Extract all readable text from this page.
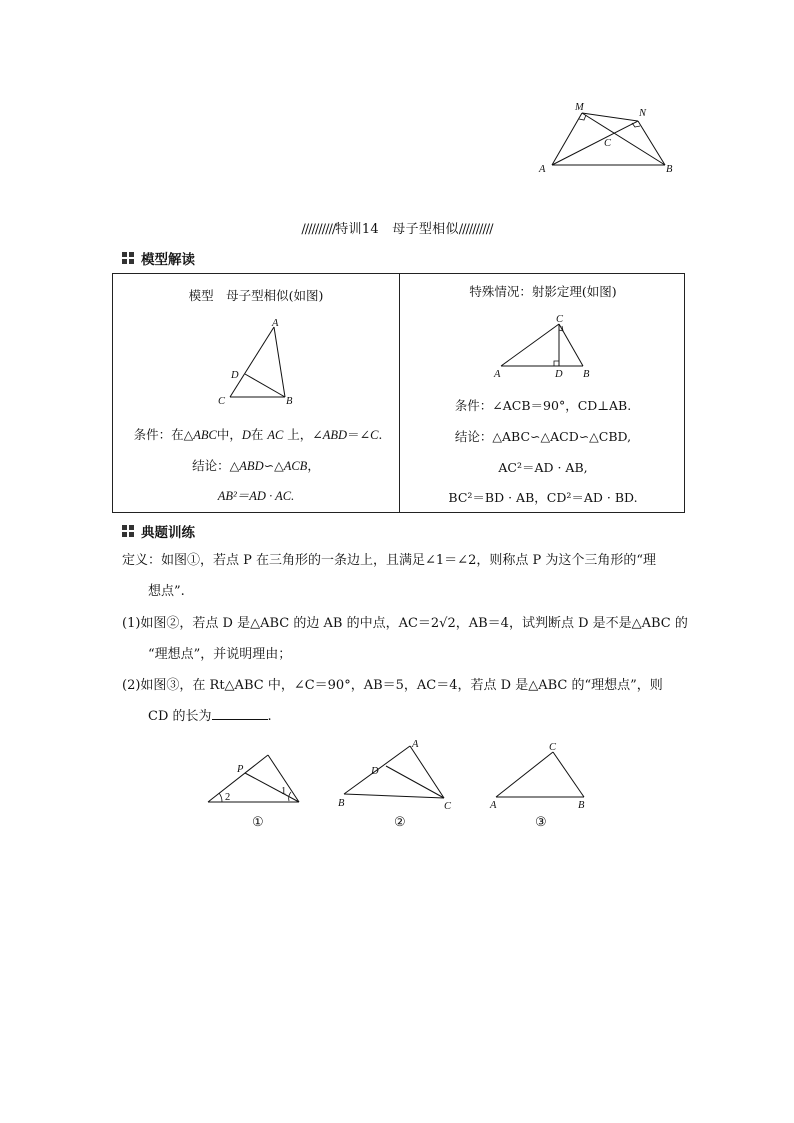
M
N
C
A	B
//////////特训14　母子型相似//////////
模型解读
模型　母子型相似(如图)
A
D
C	B
条件：在△ABC中，D在 AC 上，∠ABD＝∠C.
结论：△ABD∽△ACB，
AB²＝AD · AC.
特殊情况：射影定理(如图)
C
A	D B
条件：∠ACB＝90°，CD⊥AB.
结论：△ABC∽△ACD∽△CBD,
AC²＝AD · AB,
BC²＝BD · AB，CD²＝AD · BD.
典题训练
定义：如图①，若点 P 在三角形的一条边上，且满足∠1＝∠2，则称点 P 为这个三角形的“理
想点”.
(1)如图②，若点 D 是△ABC 的边 AB 的中点，AC＝2√2，AB＝4，试判断点 D 是不是△ABC 的
“理想点”，并说明理由；
(2)如图③，在 Rt△ABC 中，∠C＝90°，AB＝5，AC＝4，若点 D 是△ABC 的“理想点”，则
CD 的长为	.
P
2
1
①
A
D
B	C
②
C
A	B
③
